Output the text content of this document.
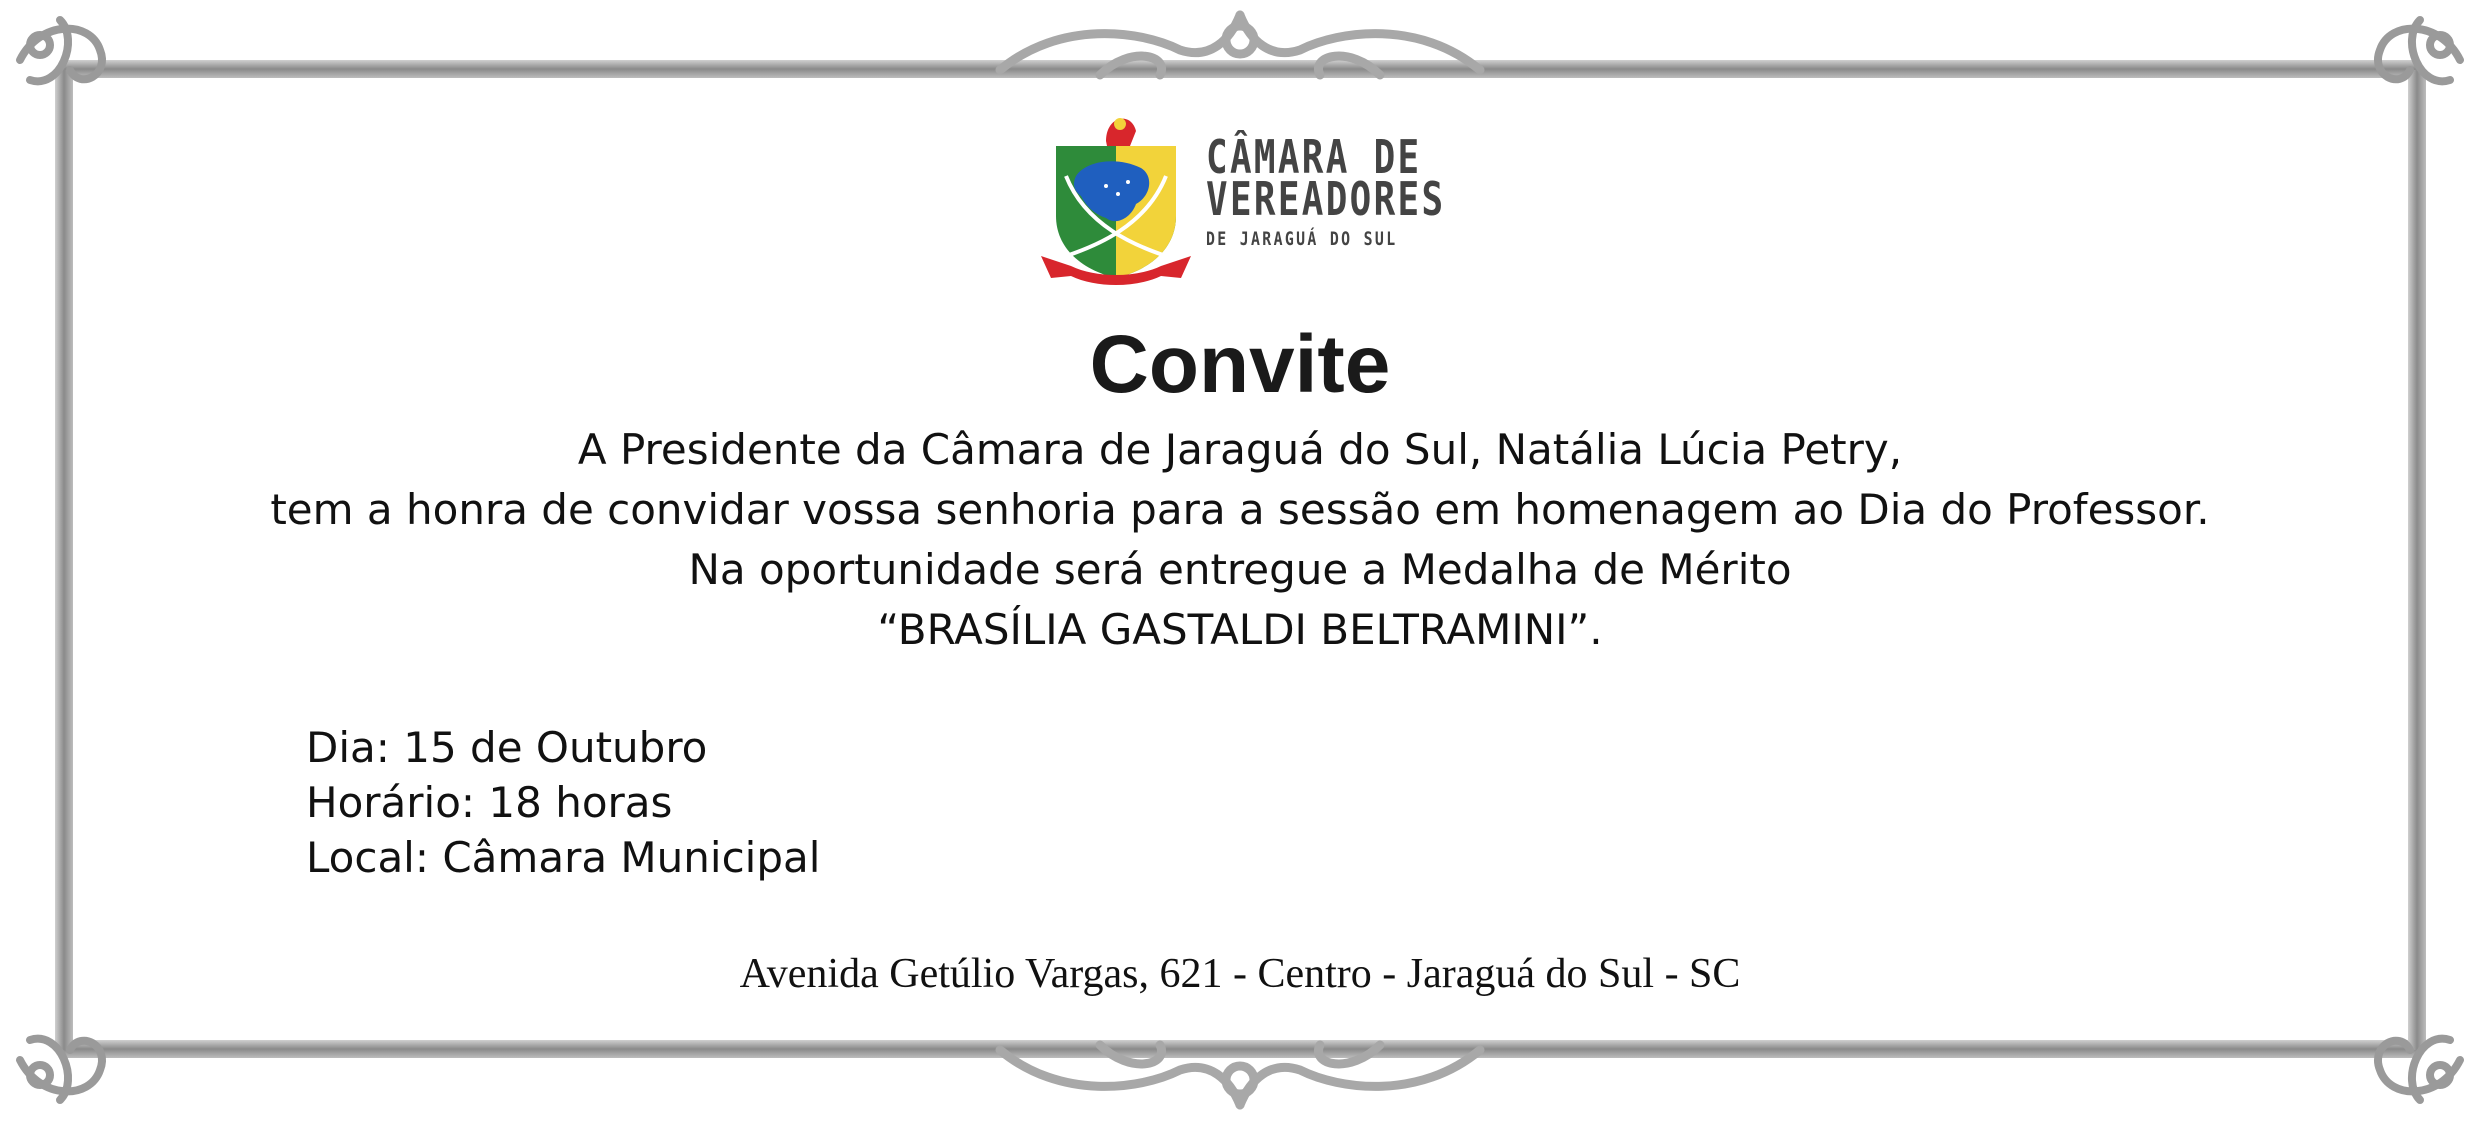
CÂMARA DE
VEREADORES
DE JARAGUÁ DO SUL
Convite
A Presidente da Câmara de Jaraguá do Sul, Natália Lúcia Petry,
tem a honra de convidar vossa senhoria para a sessão em homenagem ao Dia do Professor.
Na oportunidade será entregue a Medalha de Mérito
“BRASÍLIA GASTALDI BELTRAMINI”.
Dia: 15 de Outubro
Horário: 18 horas
Local: Câmara Municipal
Avenida Getúlio Vargas, 621 - Centro - Jaraguá do Sul - SC
